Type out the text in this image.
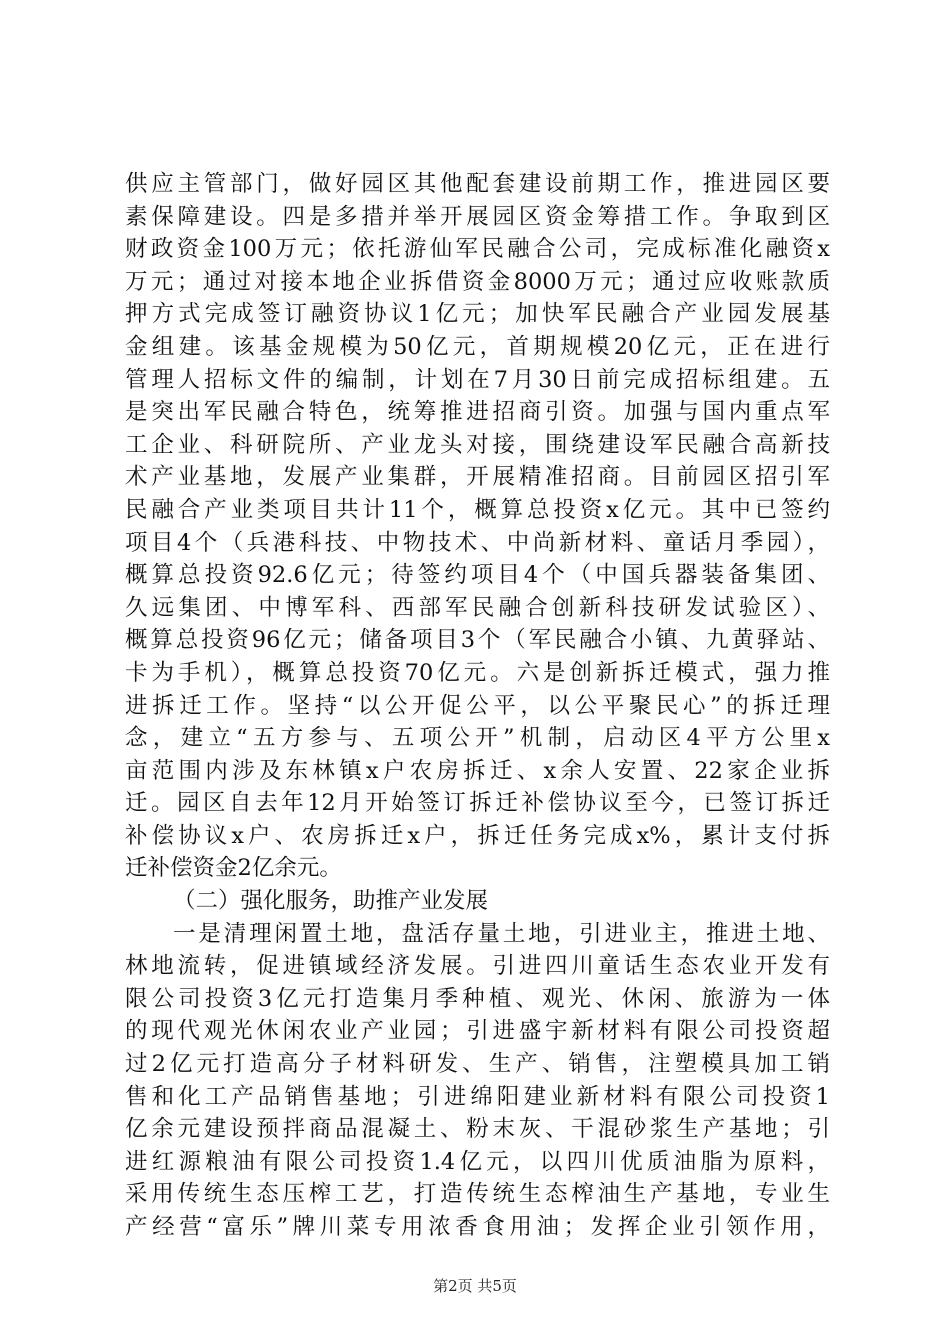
供应主管部门，做好园区其他配套建设前期工作，推进园区要
素保障建设。四是多措并举开展园区资金筹措工作。争取到区
财政资金100万元；依托游仙军民融合公司，完成标准化融资x
万元；通过对接本地企业拆借资金8000万元；通过应收账款质
押方式完成签订融资协议1亿元；加快军民融合产业园发展基
金组建。该基金规模为50亿元，首期规模20亿元，正在进行
管理人招标文件的编制，计划在7月30日前完成招标组建。五
是突出军民融合特色，统筹推进招商引资。加强与国内重点军
工企业、科研院所、产业龙头对接，围绕建设军民融合高新技
术产业基地，发展产业集群，开展精准招商。目前园区招引军
民融合产业类项目共计11个，概算总投资x亿元。其中已签约
项目4个（兵港科技、中物技术、中尚新材料、童话月季园），
概算总投资92.6亿元；待签约项目4个（中国兵器装备集团、
久远集团、中博军科、西部军民融合创新科技研发试验区）、
概算总投资96亿元；储备项目3个（军民融合小镇、九黄驿站、
卡为手机），概算总投资70亿元。六是创新拆迁模式，强力推
进拆迁工作。坚持“以公开促公平，以公平聚民心”的拆迁理
念，建立“五方参与、五项公开”机制，启动区4平方公里x
亩范围内涉及东林镇x户农房拆迁、x余人安置、22家企业拆
迁。园区自去年12月开始签订拆迁补偿协议至今，已签订拆迁
补偿协议x户、农房拆迁x户，拆迁任务完成x%，累计支付拆
迁补偿资金2亿余元。
（二）强化服务，助推产业发展
一是清理闲置土地，盘活存量土地，引进业主，推进土地、
林地流转，促进镇域经济发展。引进四川童话生态农业开发有
限公司投资3亿元打造集月季种植、观光、休闲、旅游为一体
的现代观光休闲农业产业园；引进盛宇新材料有限公司投资超
过2亿元打造高分子材料研发、生产、销售，注塑模具加工销
售和化工产品销售基地；引进绵阳建业新材料有限公司投资1
亿余元建设预拌商品混凝土、粉末灰、干混砂浆生产基地；引
进红源粮油有限公司投资1.4亿元，以四川优质油脂为原料，
采用传统生态压榨工艺，打造传统生态榨油生产基地，专业生
产经营“富乐”牌川菜专用浓香食用油；发挥企业引领作用，
第2页 共5页
